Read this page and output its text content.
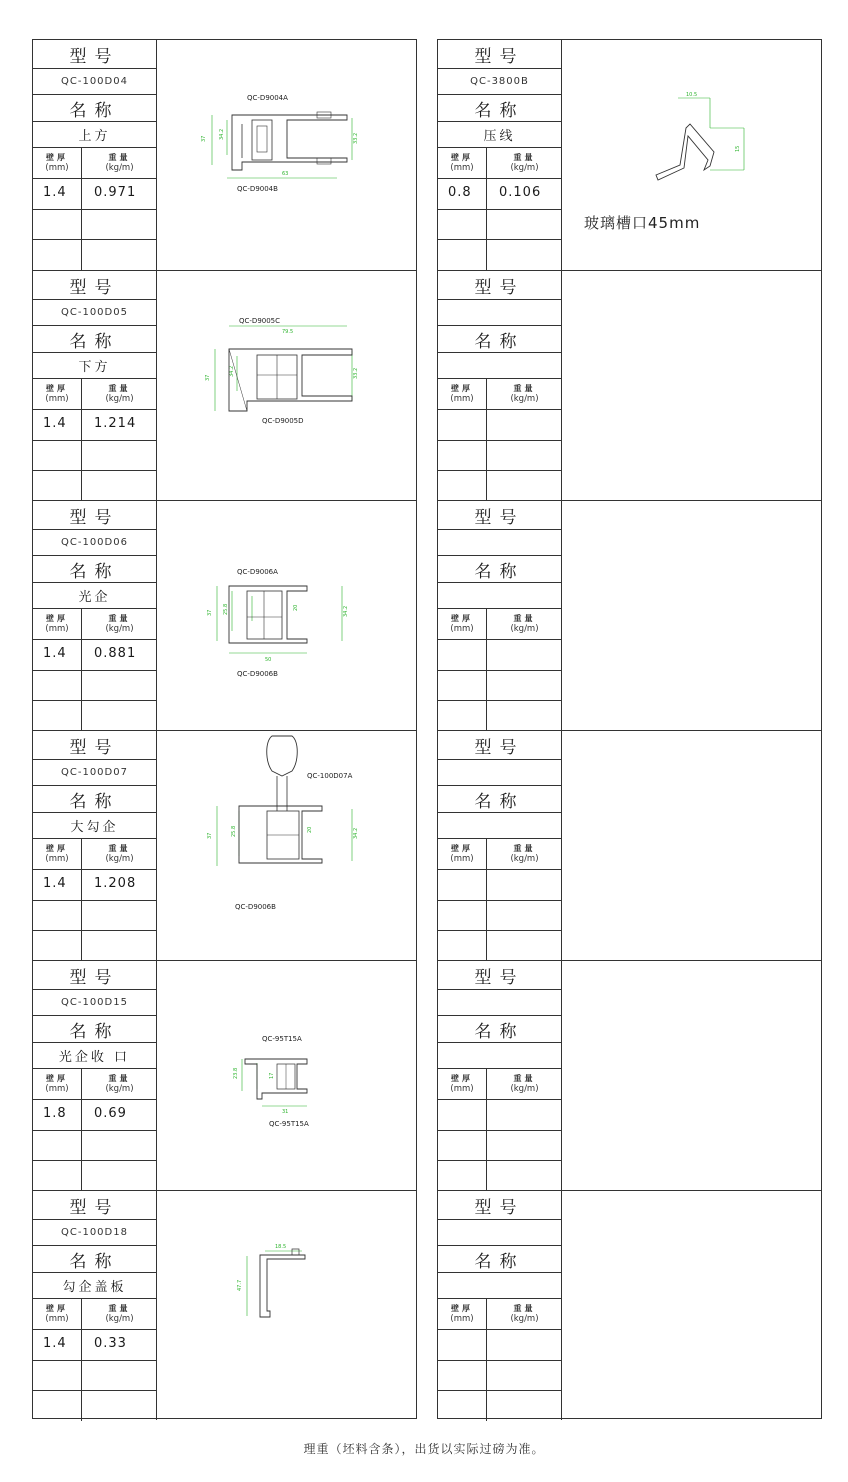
型号
QC-100D04
名称
上方
壁厚
(mm)
重量
(kg/m)
1.4 0.971
37 34.2	33.2
63
QC-D9004A
QC-D9004B
型号
QC-100D05
名称
下方
壁厚
(mm)
重量
(kg/m)
1.4 1.214
79.5
37
34.2	33.2
QC-D9005C
QC-D9005D
型号
QC-100D06
名称
光企
壁厚
(mm)
重量
(kg/m)
1.4 0.881
37 25.8	20	34.2
50
QC-D9006A
QC-D9006B
型号
QC-100D07
名称
大勾企
壁厚
(mm)
重量
(kg/m)
1.4 1.208
37	25.8	20	34.2
QC-100D07A
QC-D9006B
型号
QC-100D15
名称
光企收 口
壁厚
(mm)
重量
(kg/m)
1.8 0.69
23.8	17
31
QC-95T15A
QC-95T15A
型号
QC-100D18
名称
勾企盖板
壁厚
(mm)
重量
(kg/m)
1.4 0.33
18.5
47.7
型号
QC-3800B
名称
压线
壁厚
(mm)
重量
(kg/m)
0.8 0.106
10.5
15
玻璃槽口45mm
型号
名称
壁厚
(mm)
重量
(kg/m)
型号
名称
壁厚
(mm)
重量
(kg/m)
型号
名称
壁厚
(mm)
重量
(kg/m)
型号
名称
壁厚
(mm)
重量
(kg/m)
型号
名称
壁厚
(mm)
重量
(kg/m)
理重（坯料含条），出货以实际过磅为准。
